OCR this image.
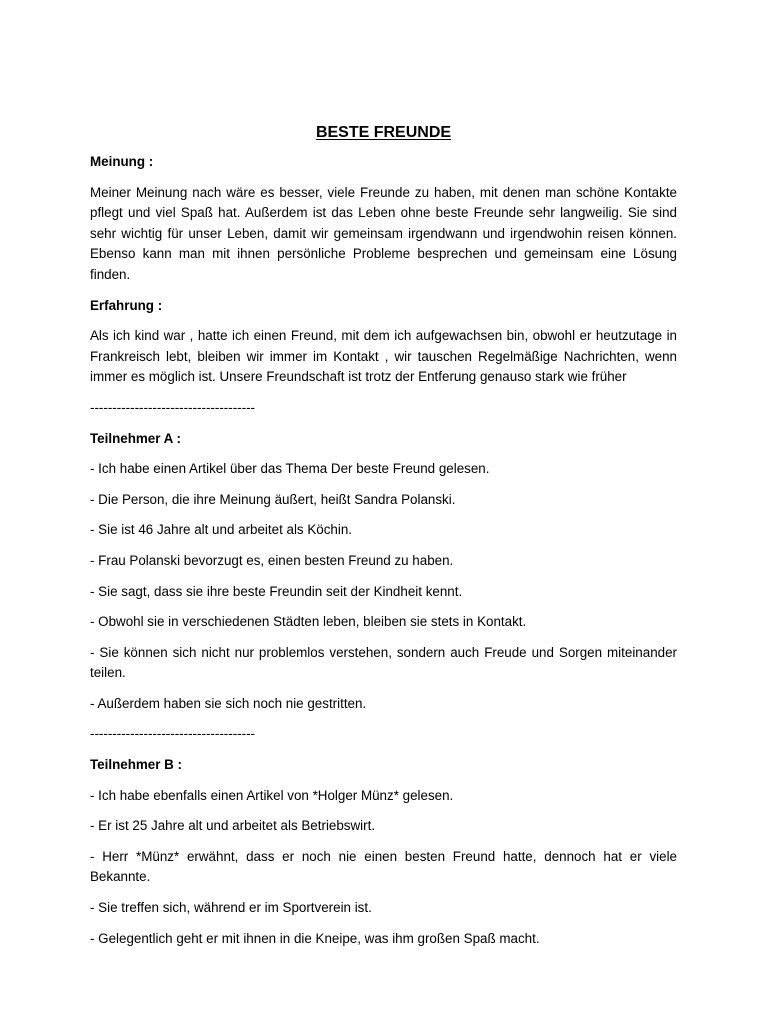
BESTE FREUNDE
Meinung :
Meiner Meinung nach wäre es besser, viele Freunde zu haben, mit denen man schöne Kontakte pflegt und viel Spaß hat. Außerdem ist das Leben ohne beste Freunde sehr langweilig. Sie sind sehr wichtig für unser Leben, damit wir gemeinsam irgendwann und irgendwohin reisen können. Ebenso kann man mit ihnen persönliche Probleme besprechen und gemeinsam eine Lösung finden.
Erfahrung :
Als ich kind war , hatte ich einen Freund, mit dem ich aufgewachsen bin, obwohl er heutzutage in Frankreisch lebt, bleiben wir immer im Kontakt , wir tauschen Regelmäßige Nachrichten, wenn immer es möglich ist. Unsere Freundschaft ist trotz der Entferung genauso stark wie früher
-------------------------------------
Teilnehmer A :
- Ich habe einen Artikel über das Thema Der beste Freund gelesen.
- Die Person, die ihre Meinung äußert, heißt Sandra Polanski.
- Sie ist 46 Jahre alt und arbeitet als Köchin.
- Frau Polanski bevorzugt es, einen besten Freund zu haben.
- Sie sagt, dass sie ihre beste Freundin seit der Kindheit kennt.
- Obwohl sie in verschiedenen Städten leben, bleiben sie stets in Kontakt.
- Sie können sich nicht nur problemlos verstehen, sondern auch Freude und Sorgen miteinander teilen.
- Außerdem haben sie sich noch nie gestritten.
-------------------------------------
Teilnehmer B :
- Ich habe ebenfalls einen Artikel von *Holger Münz* gelesen.
- Er ist 25 Jahre alt und arbeitet als Betriebswirt.
- Herr *Münz* erwähnt, dass er noch nie einen besten Freund hatte, dennoch hat er viele Bekannte.
- Sie treffen sich, während er im Sportverein ist.
- Gelegentlich geht er mit ihnen in die Kneipe, was ihm großen Spaß macht.
